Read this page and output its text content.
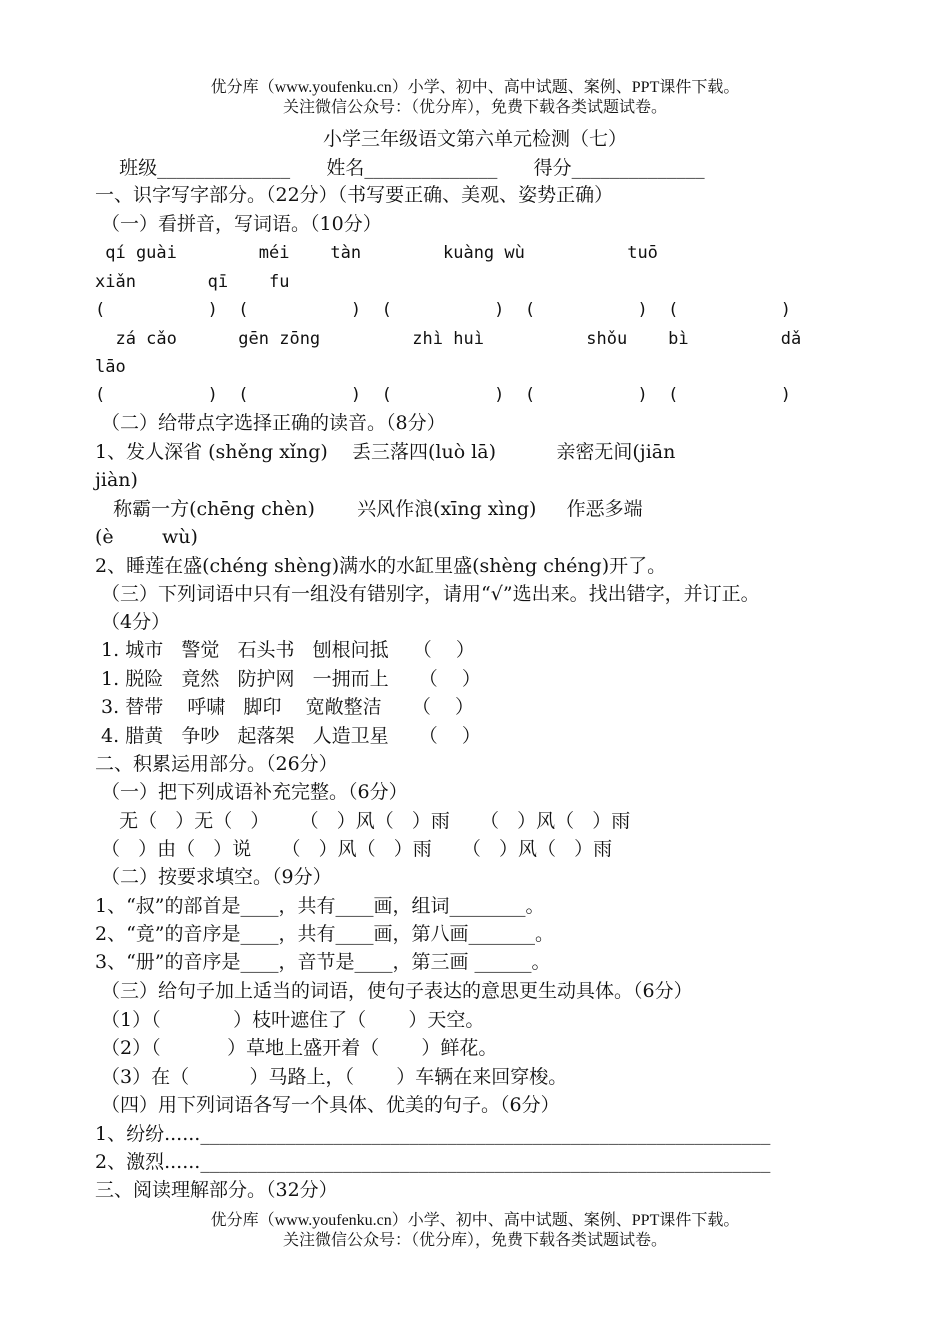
优分库（www.youfenku.cn）小学、初中、高中试题、案例、PPT课件下载。
关注微信公众号：（优分库），免费下载各类试题试卷。
小学三年级语文第六单元检测（七）
班级______________      姓名______________      得分______________
一、识字写字部分。（22分）（书写要正确、美观、姿势正确）
（一）看拼音，写词语。（10分）
qí guài        méi    tàn        kuàng wù          tuō
xiǎn       qī    fu
(          )  (          )  (          )  (          )  (          )
zá cǎo      gēn zōng         zhì huì          shǒu    bì         dǎ
lāo
(          )  (          )  (          )  (          )  (          )
（二）给带点字选择正确的读音。（8分）
1、发人深省 (shěng xǐng)    丢三落四(luò lā)          亲密无间(jiān
jiàn)
称霸一方(chēng chèn)       兴风作浪(xīng xìng)     作恶多端
(è        wù)
2、睡莲在盛(chéng shèng)满水的水缸里盛(shèng chéng)开了。
（三）下列词语中只有一组没有错别字，请用“√”选出来。找出错字，并订正。
（4分）
1. 城市   警觉   石头书   刨根问抵    （    ）
1. 脱险   竟然   防护网   一拥而上     （    ）
3. 替带    呼啸   脚印    宽敞整洁     （    ）
4. 腊黄   争吵   起落架   人造卫星     （    ）
二、积累运用部分。（26分）
（一）把下列成语补充完整。（6分）
无（   ）无（   ）     （   ）风（   ）雨     （   ）风（   ）雨
（   ）由（   ）说     （   ）风（   ）雨     （   ）风（   ）雨
（二）按要求填空。（9分）
1、“叔”的部首是____，共有____画，组词________。
2、“竟”的音序是____，共有____画，第八画_______。
3、“册”的音序是____，音节是____，第三画 ______。
（三）给句子加上适当的词语，使句子表达的意思更生动具体。（6分）
（1）（            ）枝叶遮住了（       ）天空。
（2）（           ）草地上盛开着（       ）鲜花。
（3）在（          ）马路上，（       ）车辆在来回穿梭。
（四）用下列词语各写一个具体、优美的句子。（6分）
1、纷纷......____________________________________________________________
2、激烈......____________________________________________________________
三、阅读理解部分。（32分）
优分库（www.youfenku.cn）小学、初中、高中试题、案例、PPT课件下载。
关注微信公众号：（优分库），免费下载各类试题试卷。
